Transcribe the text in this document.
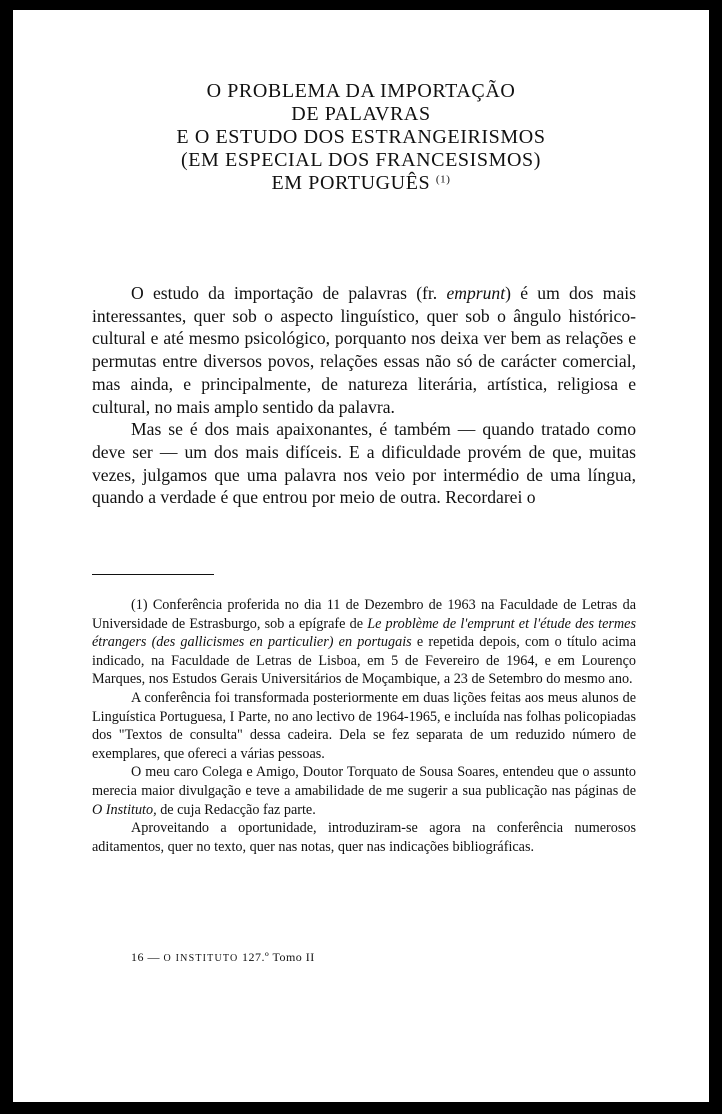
O PROBLEMA DA IMPORTAÇÃO
DE PALAVRAS
E O ESTUDO DOS ESTRANGEIRISMOS
(EM ESPECIAL DOS FRANCESISMOS)
EM PORTUGUÊS $^{(1)}$

O estudo da importação de palavras (fr. emprunt) é um dos mais interessantes, quer sob o aspecto linguístico, quer sob o ângulo histórico-cultural e até mesmo psicológico, porquanto nos deixa ver bem as relações e permutas entre diversos povos, relações essas não só de carácter comercial, mas ainda, e principalmente, de natureza literária, artística, religiosa e cultural, no mais amplo sentido da palavra.

Mas se é dos mais apaixonantes, é também — quando tratado como deve ser — um dos mais difíceis. E a dificuldade provém de que, muitas vezes, julgamos que uma palavra nos veio por intermédio de uma língua, quando a verdade é que entrou por meio de outra. Recordarei o

(1) Conferência proferida no dia 11 de Dezembro de 1963 na Faculdade de Letras da Universidade de Estrasburgo, sob a epígrafe de Le problème de l'emprunt et l'étude des termes étrangers (des gallicismes en particulier) en portugais e repetida depois, com o título acima indicado, na Faculdade de Letras de Lisboa, em 5 de Fevereiro de 1964, e em Lourenço Marques, nos Estudos Gerais Universitários de Moçambique, a 23 de Setembro do mesmo ano.

A conferência foi transformada posteriormente em duas lições feitas aos meus alunos de Linguística Portuguesa, I Parte, no ano lectivo de 1964-1965, e incluída nas folhas policopiadas dos "Textos de consulta" dessa cadeira. Dela se fez separata de um reduzido número de exemplares, que ofereci a várias pessoas.

O meu caro Colega e Amigo, Doutor Torquato de Sousa Soares, entendeu que o assunto merecia maior divulgação e teve a amabilidade de me sugerir a sua publicação nas páginas de O Instituto, de cuja Redacção faz parte.

Aproveitando a oportunidade, introduziram-se agora na conferência numerosos aditamentos, quer no texto, quer nas notas, quer nas indicações bibliográficas.

16 — O INSTITUTO 127.º Tomo II
